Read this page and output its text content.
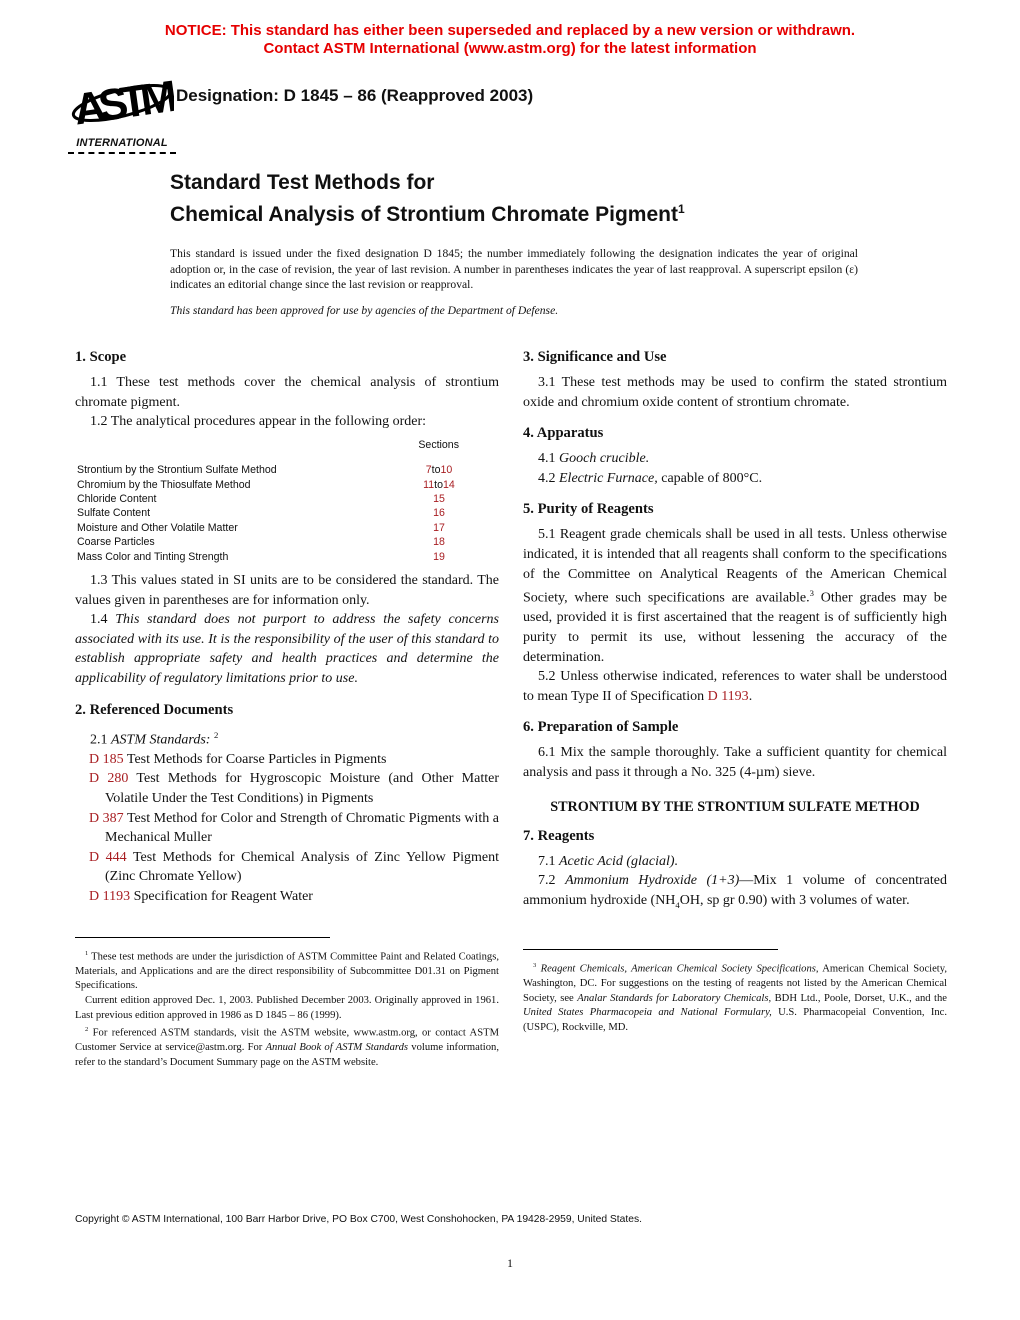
NOTICE: This standard has either been superseded and replaced by a new version or withdrawn.
Contact ASTM International (www.astm.org) for the latest information
ASTM
INTERNATIONAL
Designation: D 1845 – 86 (Reapproved 2003)
Standard Test Methods for
Chemical Analysis of Strontium Chromate Pigment$^1$

This standard is issued under the fixed designation D 1845; the number immediately following the designation indicates the year of original adoption or, in the case of revision, the year of last revision. A number in parentheses indicates the year of last reapproval. A superscript epsilon (ε) indicates an editorial change since the last revision or reapproval.

This standard has been approved for use by agencies of the Department of Defense.

1. Scope

1.1 These test methods cover the chemical analysis of strontium chromate pigment.

1.2 The analytical procedures appear in the following order:

Sections
Strontium by the Strontium Sulfate Method	7to10
Chromium by the Thiosulfate Method	11to14
Chloride Content	15
Sulfate Content	16
Moisture and Other Volatile Matter	17
Coarse Particles	18
Mass Color and Tinting Strength	19

1.3 This values stated in SI units are to be considered the standard. The values given in parentheses are for information only.

1.4 This standard does not purport to address the safety concerns associated with its use. It is the responsibility of the user of this standard to establish appropriate safety and health practices and determine the applicability of regulatory limitations prior to use.

2. Referenced Documents

2.1 ASTM Standards: $^2$

D 185 Test Methods for Coarse Particles in Pigments
D 280 Test Methods for Hygroscopic Moisture (and Other Matter Volatile Under the Test Conditions) in Pigments
D 387 Test Method for Color and Strength of Chromatic Pigments with a Mechanical Muller
D 444 Test Methods for Chemical Analysis of Zinc Yellow Pigment (Zinc Chromate Yellow)
D 1193 Specification for Reagent Water

$^1$ These test methods are under the jurisdiction of ASTM Committee Paint and Related Coatings, Materials, and Applications and are the direct responsibility of Subcommittee D01.31 on Pigment Specifications.

Current edition approved Dec. 1, 2003. Published December 2003. Originally approved in 1961. Last previous edition approved in 1986 as D 1845 – 86 (1999).

$^2$ For referenced ASTM standards, visit the ASTM website, www.astm.org, or contact ASTM Customer Service at service@astm.org. For Annual Book of ASTM Standards volume information, refer to the standard’s Document Summary page on the ASTM website.

3. Significance and Use

3.1 These test methods may be used to confirm the stated strontium oxide and chromium oxide content of strontium chromate.

4. Apparatus

4.1 Gooch crucible.

4.2 Electric Furnace, capable of 800°C.

5. Purity of Reagents

5.1 Reagent grade chemicals shall be used in all tests. Unless otherwise indicated, it is intended that all reagents shall conform to the specifications of the Committee on Analytical Reagents of the American Chemical Society, where such specifications are available.$^3$ Other grades may be used, provided it is first ascertained that the reagent is of sufficiently high purity to permit its use, without lessening the accuracy of the determination.

5.2 Unless otherwise indicated, references to water shall be understood to mean Type II of Specification D 1193.

6. Preparation of Sample

6.1 Mix the sample thoroughly. Take a sufficient quantity for chemical analysis and pass it through a No. 325 (4-µm) sieve.

STRONTIUM BY THE STRONTIUM SULFATE METHOD
7. Reagents

7.1 Acetic Acid (glacial).

7.2 Ammonium Hydroxide (1+3)—Mix 1 volume of concentrated ammonium hydroxide ($NH_4OH$, sp gr 0.90) with 3 volumes of water.

$^3$ Reagent Chemicals, American Chemical Society Specifications, American Chemical Society, Washington, DC. For suggestions on the testing of reagents not listed by the American Chemical Society, see Analar Standards for Laboratory Chemicals, BDH Ltd., Poole, Dorset, U.K., and the United States Pharmacopeia and National Formulary, U.S. Pharmacopeial Convention, Inc. (USPC), Rockville, MD.

Copyright © ASTM International, 100 Barr Harbor Drive, PO Box C700, West Conshohocken, PA 19428-2959, United States.
1
